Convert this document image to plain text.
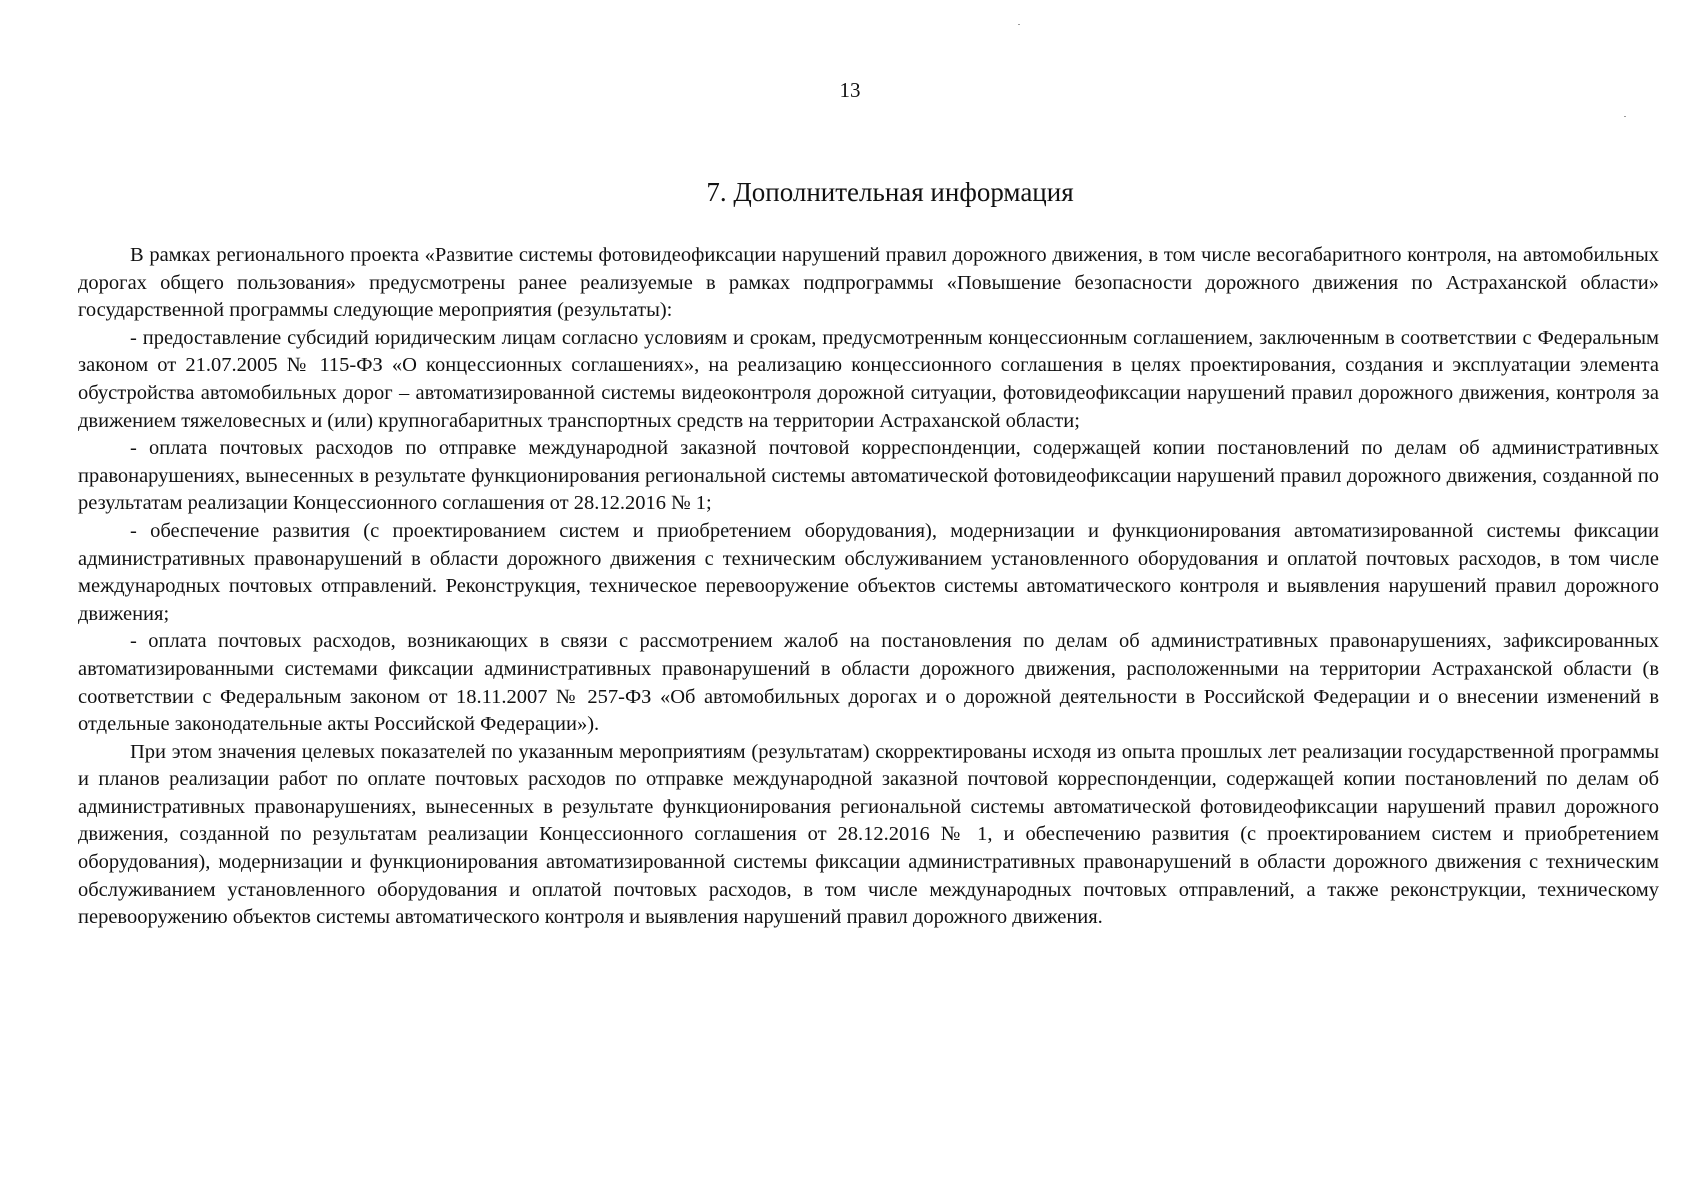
13
7. Дополнительная информация

В рамках регионального проекта «Развитие системы фотовидеофиксации нарушений правил дорожного движения, в том числе весогабаритного контроля, на автомобильных дорогах общего пользования» предусмотрены ранее реализуемые в рамках подпрограммы «Повышение безопасности дорожного движения по Астраханской области» государственной программы следующие мероприятия (результаты):

- предоставление субсидий юридическим лицам согласно условиям и срокам, предусмотренным концессионным соглашением, заключенным в соответствии с Федеральным законом от 21.07.2005 № 115-ФЗ «О концессионных соглашениях», на реализацию концессионного соглашения в целях проектирования, создания и эксплуатации элемента обустройства автомобильных дорог – автоматизированной системы видеоконтроля дорожной ситуации, фотовидеофиксации нарушений правил дорожного движения, контроля за движением тяжеловесных и (или) крупногабаритных транспортных средств на территории Астраханской области;

- оплата почтовых расходов по отправке международной заказной почтовой корреспонденции, содержащей копии постановлений по делам об административных правонарушениях, вынесенных в результате функционирования региональной системы автоматической фотовидеофиксации нарушений правил дорожного движения, созданной по результатам реализации Концессионного соглашения от 28.12.2016 № 1;

- обеспечение развития (с проектированием систем и приобретением оборудования), модернизации и функционирования автоматизированной системы фиксации административных правонарушений в области дорожного движения с техническим обслуживанием установленного оборудования и оплатой почтовых расходов, в том числе международных почтовых отправлений. Реконструкция, техническое перевооружение объектов системы автоматического контроля и выявления нарушений правил дорожного движения;

- оплата почтовых расходов, возникающих в связи с рассмотрением жалоб на постановления по делам об административных правонарушениях, зафиксированных автоматизированными системами фиксации административных правонарушений в области дорожного движения, расположенными на территории Астраханской области (в соответствии с Федеральным законом от 18.11.2007 № 257-ФЗ «Об автомобильных дорогах и о дорожной деятельности в Российской Федерации и о внесении изменений в отдельные законодательные акты Российской Федерации»).

При этом значения целевых показателей по указанным мероприятиям (результатам) скорректированы исходя из опыта прошлых лет реализации государственной программы и планов реализации работ по оплате почтовых расходов по отправке международной заказной почтовой корреспонденции, содержащей копии постановлений по делам об административных правонарушениях, вынесенных в результате функционирования региональной системы автоматической фотовидеофиксации нарушений правил дорожного движения, созданной по результатам реализации Концессионного соглашения от 28.12.2016 № 1, и обеспечению развития (с проектированием систем и приобретением оборудования), модернизации и функционирования автоматизированной системы фиксации административных правонарушений в области дорожного движения с техническим обслуживанием установленного оборудования и оплатой почтовых расходов, в том числе международных почтовых отправлений, а также реконструкции, техническому перевооружению объектов системы автоматического контроля и выявления нарушений правил дорожного движения.
